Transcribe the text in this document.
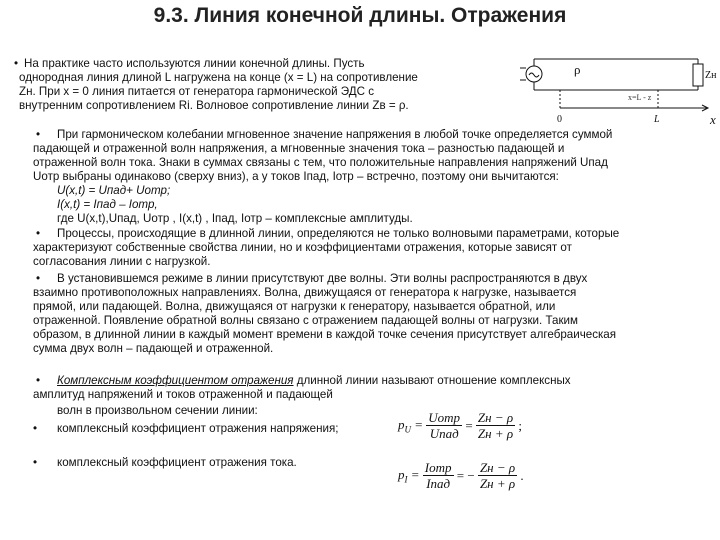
9.3. Линия конечной длины. Отражения
• На практике часто используются линии конечной длины. Пусть
однородная линия длиной L нагружена на конце (x = L) на сопротивление
Zн. При x = 0 линия питается от генератора гармонической ЭДС с
внутренним сопротивлением Ri. Волновое сопротивление линии Zв = ρ.
ρ	Zн
0	L	x
x=L - z
• При гармоническом колебании мгновенное значение напряжения в любой точке определяется суммой
падающей и отраженной волн напряжения, а мгновенные значения тока – разностью падающей и
отраженной волн тока. Знаки в суммах связаны с тем, что положительные направления напряжений Uпад
Uотр выбраны одинаково (сверху вниз), а у токов Iпад, Iотр – встречно, поэтому они вычитаются:
U(x,t) = Uпад+ Uотр;
I(x,t) = Iпад – Iотр,
где U(x,t),Uпад, Uотр , I(x,t) , Iпад, Iотр – комплексные амплитуды.
• Процессы, происходящие в длинной линии, определяются не только волновыми параметрами, которые
характеризуют собственные свойства линии, но и коэффициентами отражения, которые зависят от
согласования линии с нагрузкой.
• В установившемся режиме в линии присутствуют две волны. Эти волны распространяются в двух
взаимно противоположных направлениях. Волна, движущаяся от генератора к нагрузке, называется
прямой, или падающей. Волна, движущаяся от нагрузки к генератору, называется обратной, или
отраженной. Появление обратной волны связано с отражением падающей волны от нагрузки. Таким
образом, в длинной линии в каждый момент времени в каждой точке сечения присутствует алгебраическая
сумма двух волн – падающей и отраженной.
• Комплексным коэффициентом отражения длинной линии называют отношение комплексных
амплитуд напряжений и токов отраженной и падающей
волн в произвольном сечении линии:
• комплексный коэффициент отражения напряжения;
• комплексный коэффициент отражения тока.
$p_U = \frac{\text{Uотр}}{\text{Uпад}} = \frac{Zн - \rho}{Zн + \rho}$ ;
$p_I = \frac{\text{Iотр}}{\text{Iпад}}$ = − $\frac{Zн - \rho}{Zн + \rho}$ .
